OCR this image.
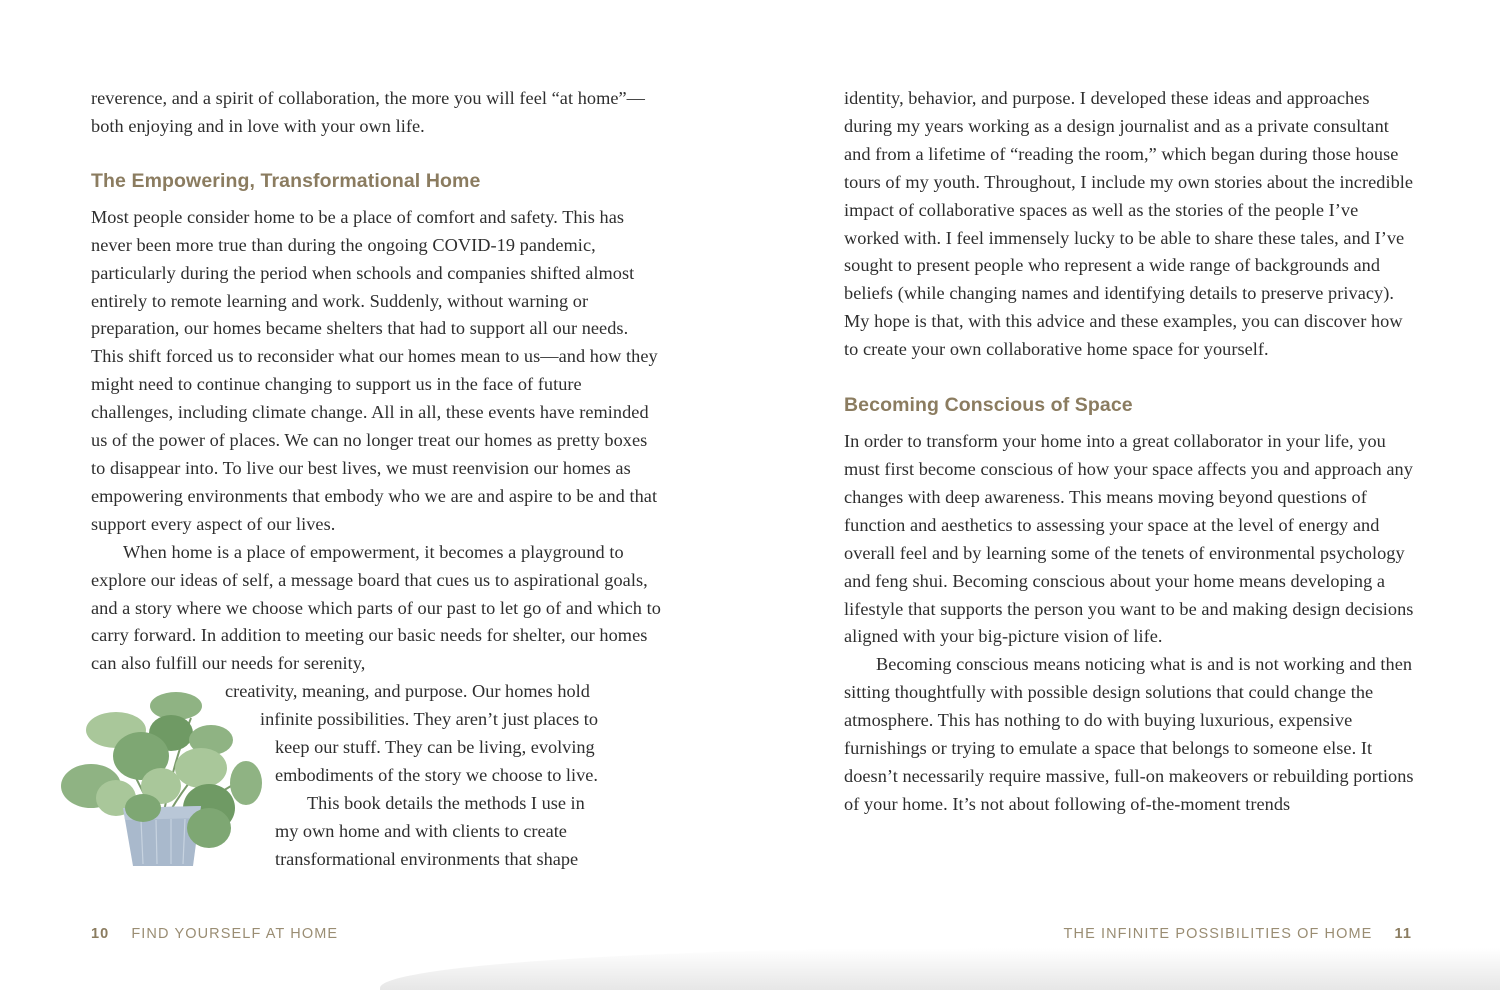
reverence, and a spirit of collaboration, the more you will feel “at home”—both enjoying and in love with your own life.

The Empowering, Transformational Home

Most people consider home to be a place of comfort and safety. This has never been more true than during the ongoing COVID-19 pandemic, particularly during the period when schools and companies shifted almost entirely to remote learning and work. Suddenly, without warning or preparation, our homes became shelters that had to support all our needs. This shift forced us to reconsider what our homes mean to us—and how they might need to continue changing to support us in the face of future challenges, including climate change. All in all, these events have reminded us of the power of places. We can no longer treat our homes as pretty boxes to disappear into. To live our best lives, we must reenvision our homes as empowering environments that embody who we are and aspire to be and that support every aspect of our lives.

When home is a place of empowerment, it becomes a playground to explore our ideas of self, a message board that cues us to aspirational goals, and a story where we choose which parts of our past to let go of and which to carry forward. In addition to meeting our basic needs for shelter, our homes can also fulfill our needs for serenity,

creativity, meaning, and purpose. Our homes hold
infinite possibilities. They aren’t just places to
keep our stuff. They can be living, evolving
embodiments of the story we choose to live.
This book details the methods I use in
my own home and with clients to create
transformational environments that shape

identity, behavior, and purpose. I developed these ideas and approaches during my years working as a design journalist and as a private consultant and from a lifetime of “reading the room,” which began during those house tours of my youth. Throughout, I include my own stories about the incredible impact of collaborative spaces as well as the stories of the people I’ve worked with. I feel immensely lucky to be able to share these tales, and I’ve sought to present people who represent a wide range of backgrounds and beliefs (while changing names and identifying details to preserve privacy). My hope is that, with this advice and these examples, you can discover how to create your own collaborative home space for yourself.

Becoming Conscious of Space

In order to transform your home into a great collaborator in your life, you must first become conscious of how your space affects you and approach any changes with deep awareness. This means moving beyond questions of function and aesthetics to assessing your space at the level of energy and overall feel and by learning some of the tenets of environmental psychology and feng shui. Becoming conscious about your home means developing a lifestyle that supports the person you want to be and making design decisions aligned with your big-picture vision of life.

Becoming conscious means noticing what is and is not working and then sitting thoughtfully with possible design solutions that could change the atmosphere. This has nothing to do with buying luxurious, expensive furnishings or trying to emulate a space that belongs to someone else. It doesn’t necessarily require massive, full-on makeovers or rebuilding portions of your home. It’s not about following of-the-moment trends

10 FIND YOURSELF AT HOME	THE INFINITE POSSIBILITIES OF HOME 11
